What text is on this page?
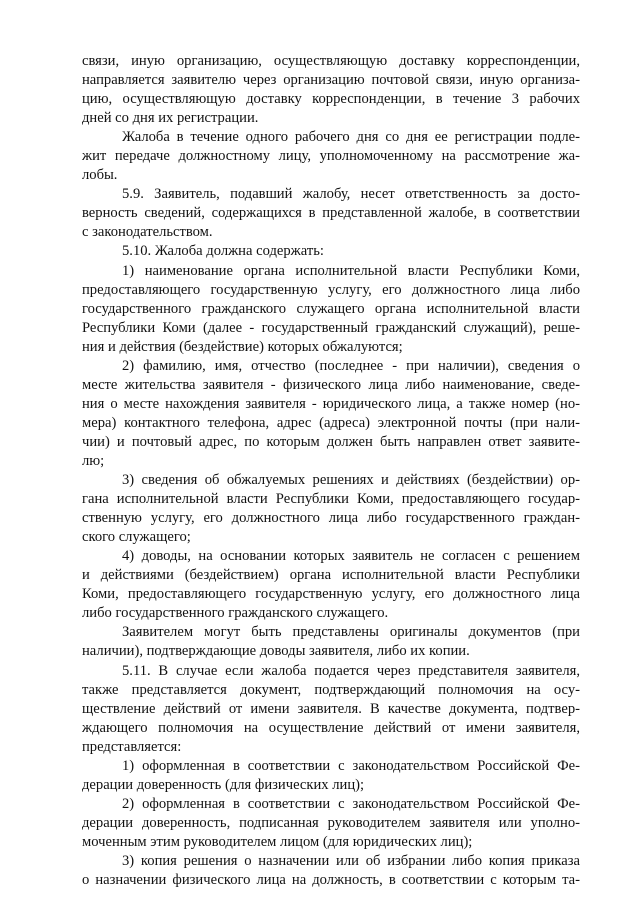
связи, иную организацию, осуществляющую доставку корреспонденции,
направляется заявителю через организацию почтовой связи, иную организа-
цию, осуществляющую доставку корреспонденции, в течение 3 рабочих
дней со дня их регистрации.
Жалоба в течение одного рабочего дня со дня ее регистрации подле-
жит передаче должностному лицу, уполномоченному на рассмотрение жа-
лобы.
5.9. Заявитель, подавший жалобу, несет ответственность за досто-
верность сведений, содержащихся в представленной жалобе, в соответствии
с законодательством.
5.10. Жалоба должна содержать:
1) наименование органа исполнительной власти Республики Коми,
предоставляющего государственную услугу, его должностного лица либо
государственного гражданского служащего органа исполнительной власти
Республики Коми (далее - государственный гражданский служащий), реше-
ния и действия (бездействие) которых обжалуются;
2) фамилию, имя, отчество (последнее - при наличии), сведения о
месте жительства заявителя - физического лица либо наименование, сведе-
ния о месте нахождения заявителя - юридического лица, а также номер (но-
мера) контактного телефона, адрес (адреса) электронной почты (при нали-
чии) и почтовый адрес, по которым должен быть направлен ответ заявите-
лю;
3) сведения об обжалуемых решениях и действиях (бездействии) ор-
гана исполнительной власти Республики Коми, предоставляющего государ-
ственную услугу, его должностного лица либо государственного граждан-
ского служащего;
4) доводы, на основании которых заявитель не согласен с решением
и действиями (бездействием) органа исполнительной власти Республики
Коми, предоставляющего государственную услугу, его должностного лица
либо государственного гражданского служащего.
Заявителем могут быть представлены оригиналы документов (при
наличии), подтверждающие доводы заявителя, либо их копии.
5.11. В случае если жалоба подается через представителя заявителя,
также представляется документ, подтверждающий полномочия на осу-
ществление действий от имени заявителя. В качестве документа, подтвер-
ждающего полномочия на осуществление действий от имени заявителя,
представляется:
1) оформленная в соответствии с законодательством Российской Фе-
дерации доверенность (для физических лиц);
2) оформленная в соответствии с законодательством Российской Фе-
дерации доверенность, подписанная руководителем заявителя или уполно-
моченным этим руководителем лицом (для юридических лиц);
3) копия решения о назначении или об избрании либо копия приказа
о назначении физического лица на должность, в соответствии с которым та-
